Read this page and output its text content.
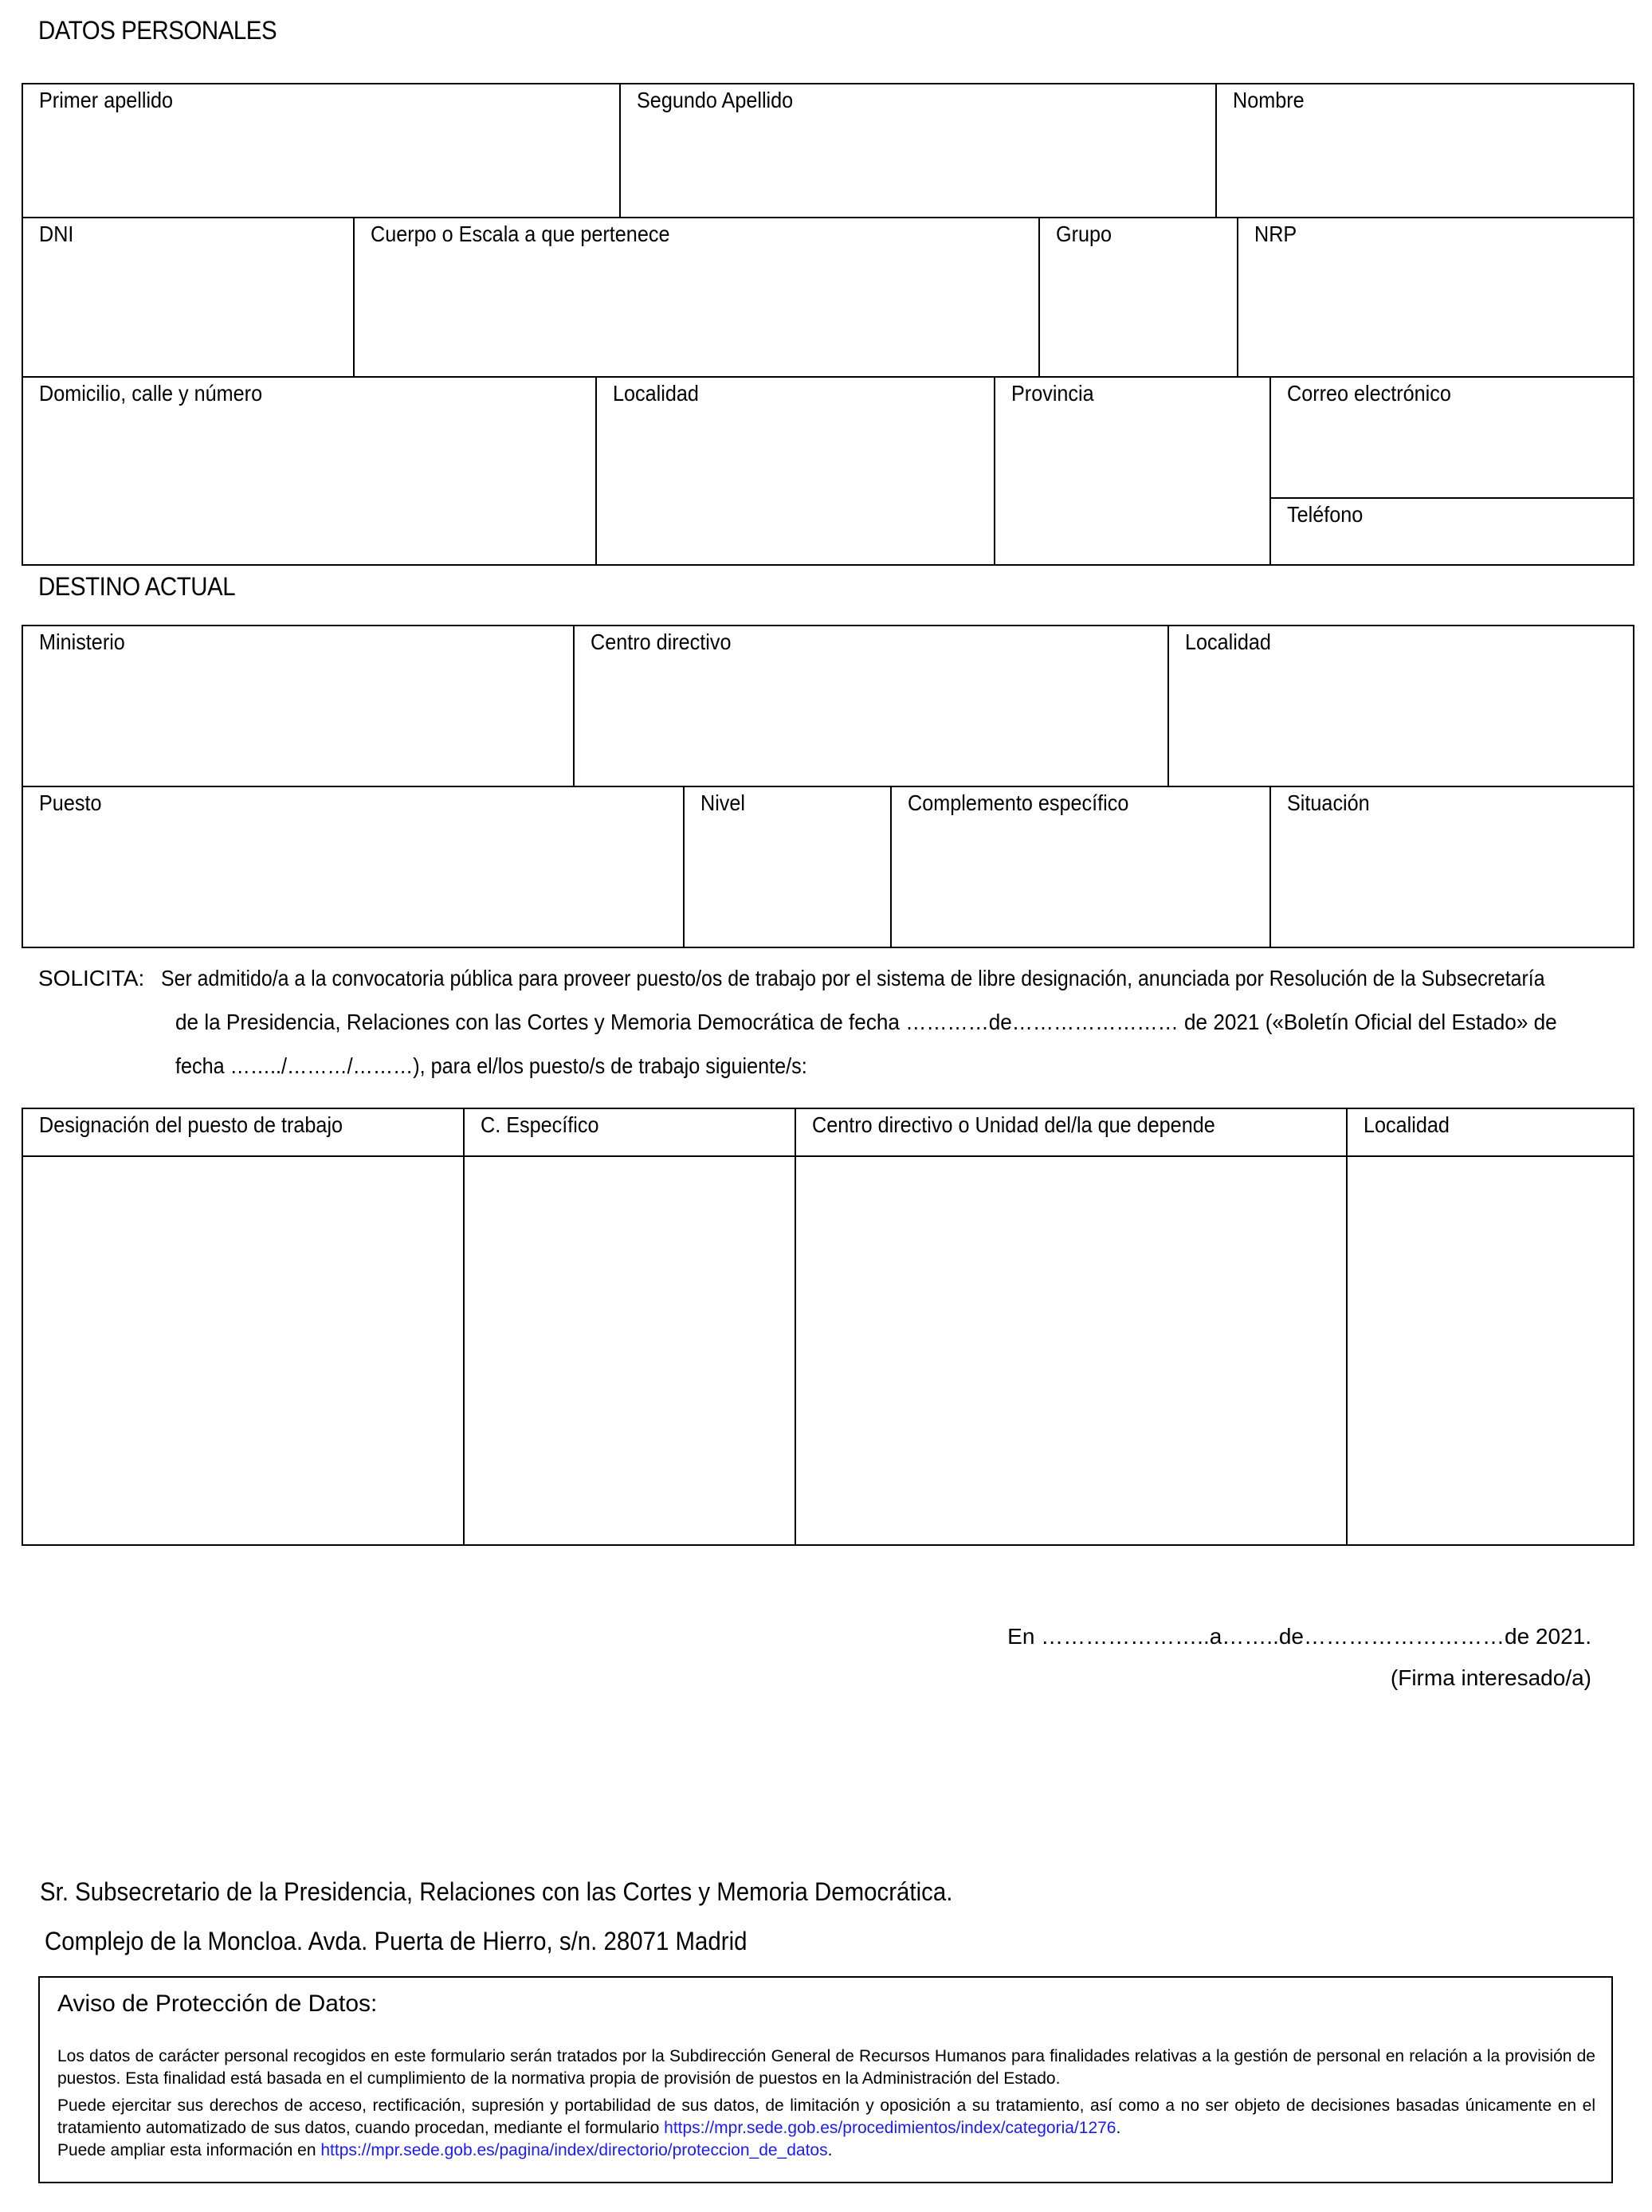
DATOS PERSONALES
Primer apellido	Segundo Apellido	Nombre
DNI	Cuerpo o Escala a que pertenece	Grupo	NRP
Domicilio, calle y número	Localidad	Provincia	Correo electrónico
Teléfono
DESTINO ACTUAL
Ministerio	Centro directivo	Localidad
Puesto	Nivel	Complemento específico	Situación
SOLICITA: Ser admitido/a a la convocatoria pública para proveer puesto/os de trabajo por el sistema de libre designación, anunciada por Resolución de la Subsecretaría
de la Presidencia, Relaciones con las Cortes y Memoria Democrática de fecha …………de…………………… de 2021 («Boletín Oficial del Estado» de
fecha ……../………/………), para el/los puesto/s de trabajo siguiente/s:
Designación del puesto de trabajo	C. Específico	Centro directivo o Unidad del/la que depende	Localidad
En …………………..a……..de………………………de 2021.
(Firma interesado/a)
Sr. Subsecretario de la Presidencia, Relaciones con las Cortes y Memoria Democrática.
Complejo de la Moncloa. Avda. Puerta de Hierro, s/n. 28071 Madrid
Aviso de Protección de Datos:

Los datos de carácter personal recogidos en este formulario serán tratados por la Subdirección General de Recursos Humanos para finalidades relativas a la gestión de personal en relación a la provisión de puestos. Esta finalidad está basada en el cumplimiento de la normativa propia de provisión de puestos en la Administración del Estado.

Puede ejercitar sus derechos de acceso, rectificación, supresión y portabilidad de sus datos, de limitación y oposición a su tratamiento, así como a no ser objeto de decisiones basadas únicamente en el tratamiento automatizado de sus datos, cuando procedan, mediante el formulario https://mpr.sede.gob.es/procedimientos/index/categoria/1276.
Puede ampliar esta información en https://mpr.sede.gob.es/pagina/index/directorio/proteccion_de_datos.
